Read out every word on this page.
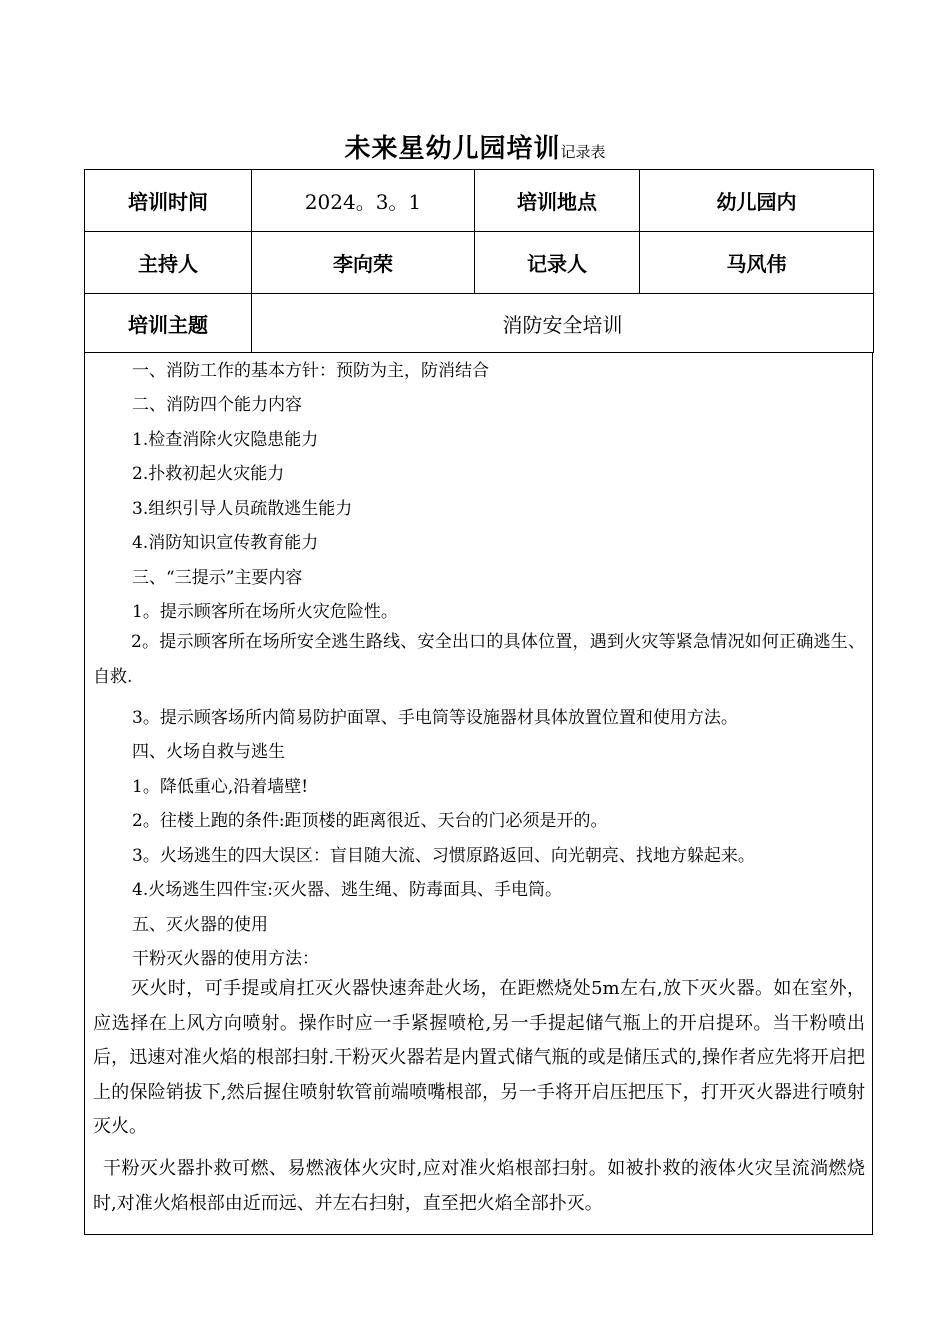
未来星幼儿园培训记录表
培训时间	2024。3。1	培训地点	幼儿园内
主持人	李向荣	记录人	马风伟
培训主题	消防安全培训		
一、消防工作的基本方针：预防为主，防消结合
二、消防四个能力内容
1.检查消除火灾隐患能力
2.扑救初起火灾能力
3.组织引导人员疏散逃生能力
4.消防知识宣传教育能力
三、“三提示”主要内容
1。提示顾客所在场所火灾危险性。
2。提示顾客所在场所安全逃生路线、安全出口的具体位置，遇到火灾等紧急情况如何正确逃生、自救.
3。提示顾客场所内简易防护面罩、手电筒等设施器材具体放置位置和使用方法。
四、火场自救与逃生
1。降低重心,沿着墙壁!
2。往楼上跑的条件:距顶楼的距离很近、天台的门必须是开的。
3。火场逃生的四大误区：盲目随大流、习惯原路返回、向光朝亮、找地方躲起来。
4.火场逃生四件宝:灭火器、逃生绳、防毒面具、手电筒。
五、灭火器的使用
干粉灭火器的使用方法：
灭火时，可手提或肩扛灭火器快速奔赴火场，在距燃烧处5m左右,放下灭火器。如在室外，应选择在上风方向喷射。操作时应一手紧握喷枪,另一手提起储气瓶上的开启提环。当干粉喷出后，迅速对准火焰的根部扫射.干粉灭火器若是内置式储气瓶的或是储压式的,操作者应先将开启把上的保险销拔下,然后握住喷射软管前端喷嘴根部，另一手将开启压把压下，打开灭火器进行喷射灭火。
干粉灭火器扑救可燃、易燃液体火灾时,应对准火焰根部扫射。如被扑救的液体火灾呈流淌燃烧时,对准火焰根部由近而远、并左右扫射，直至把火焰全部扑灭。
